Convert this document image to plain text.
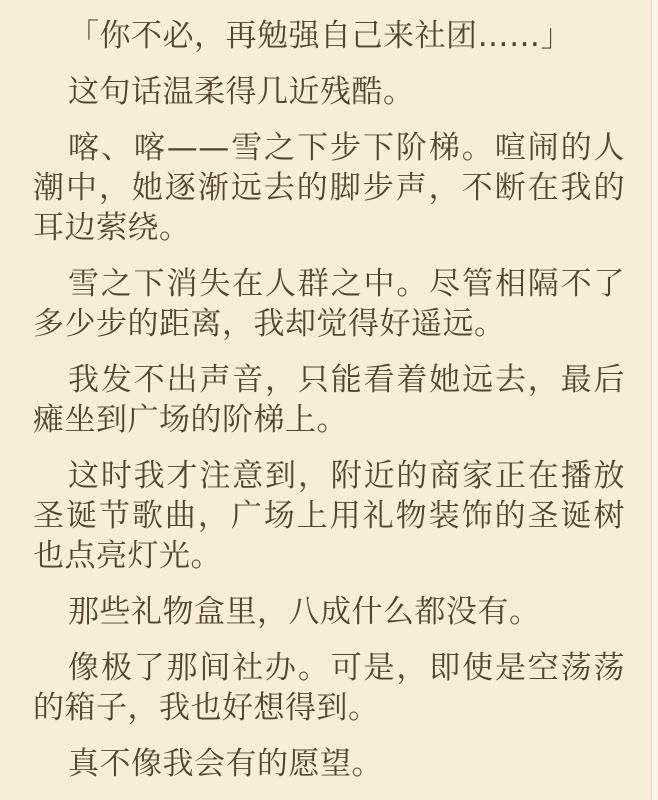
「你不必，再勉强自己来社团……」

这句话温柔得几近残酷。

喀、喀——雪之下步下阶梯。喧闹的人潮中，她逐渐远去的脚步声，不断在我的耳边萦绕。

雪之下消失在人群之中。尽管相隔不了多少步的距离，我却觉得好遥远。

我发不出声音，只能看着她远去，最后瘫坐到广场的阶梯上。

这时我才注意到，附近的商家正在播放圣诞节歌曲，广场上用礼物装饰的圣诞树也点亮灯光。

那些礼物盒里，八成什么都没有。

像极了那间社办。可是，即使是空荡荡的箱子，我也好想得到。

真不像我会有的愿望。
